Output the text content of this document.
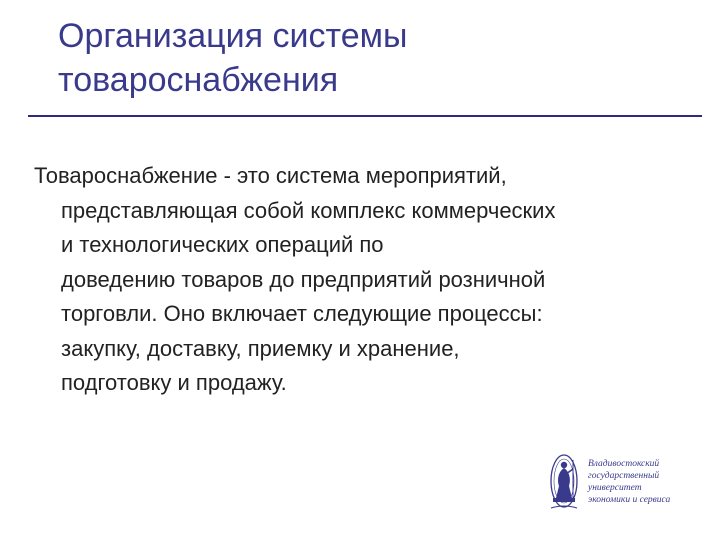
Организация системы
товароснабжения
Товароснабжение - это система мероприятий,
представляющая собой комплекс коммерческих
и технологических операций по
доведению товаров до предприятий розничной
торговли. Оно включает следующие процессы:
закупку, доставку, приемку и хранение,
подготовку и продажу.
Владивостокский
государственный
университет
экономики и сервиса
